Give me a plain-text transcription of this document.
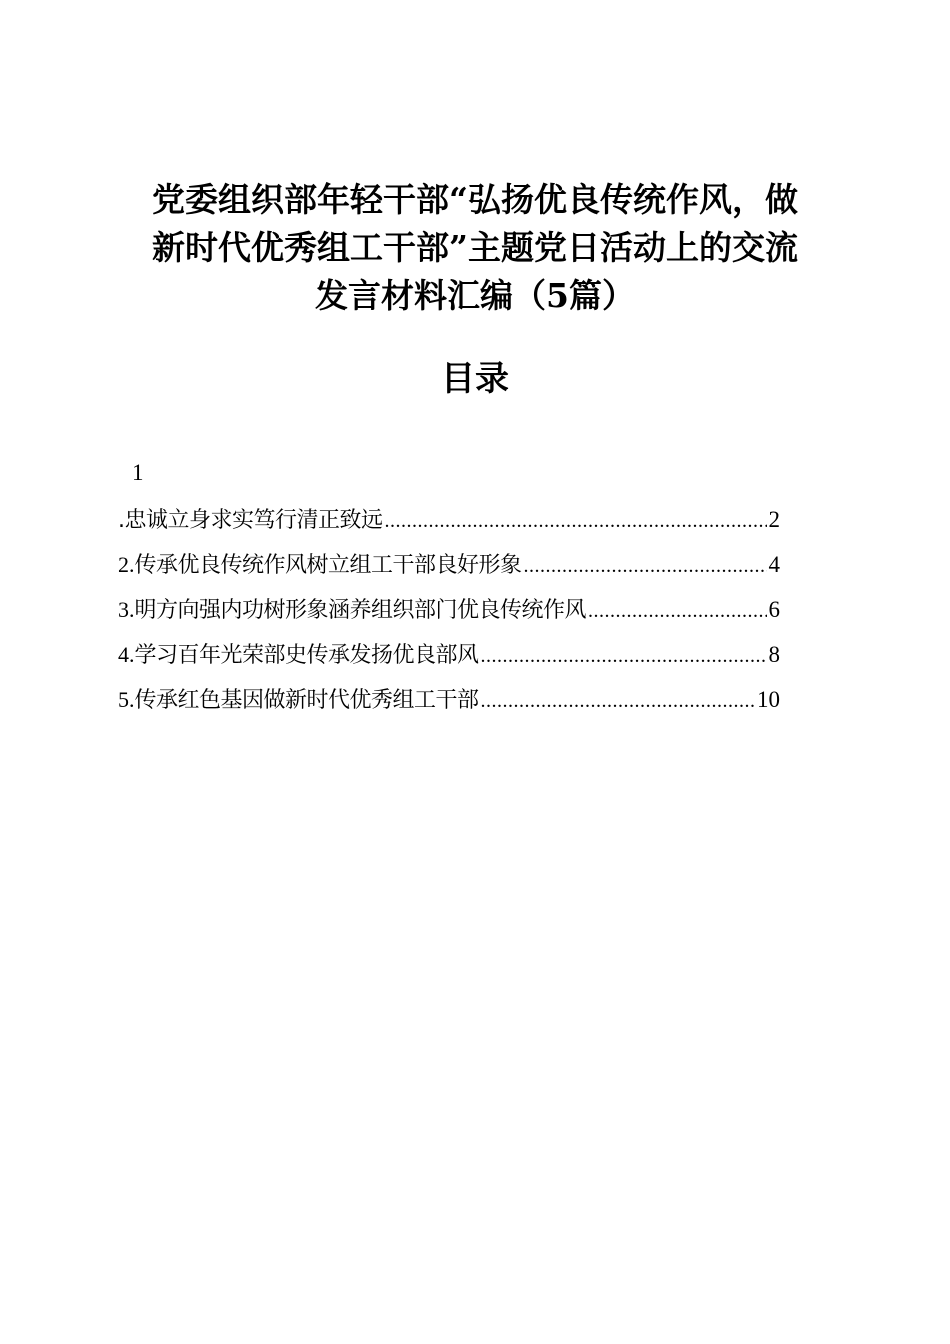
党委组织部年轻干部“弘扬优良传统作风，做
新时代优秀组工干部”主题党日活动上的交流
发言材料汇编（5篇）
目录
1
.忠诚立身求实笃行清正致远 .....	2
2. 传承优良传统作风树立组工干部良好形象 .....	4
3. 明方向强内功树形象涵养组织部门优良传统作风 .....	6
4. 学习百年光荣部史传承发扬优良部风 .....	8
5. 传承红色基因做新时代优秀组工干部 .....	10
